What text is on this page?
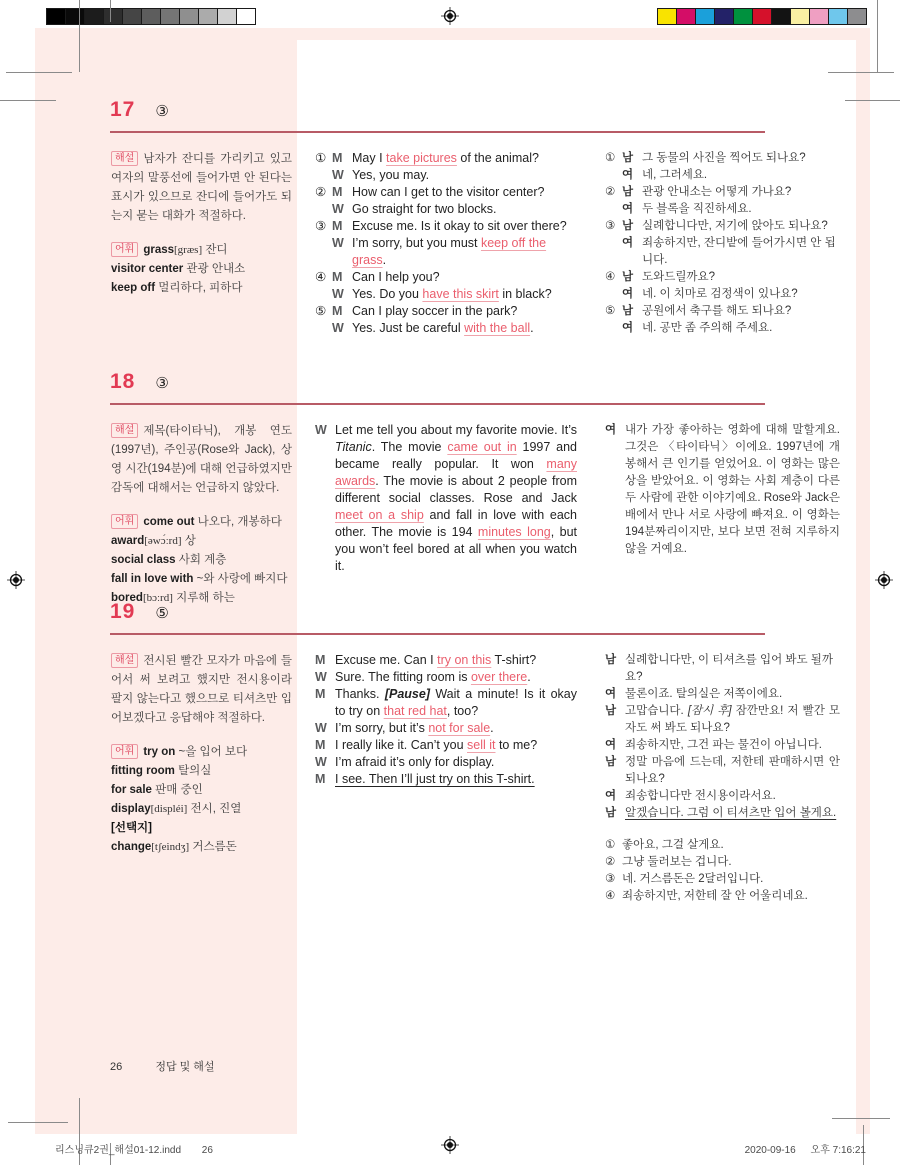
17 ③

해설 남자가 잔디를 가리키고 있고 여자의 말풍선에 들어가면 안 된다는 표시가 있으므로 잔디에 들어가도 되는지 묻는 대화가 적절하다.

어휘 grass[græs] 잔디
visitor center 관광 안내소
keep off 멀리하다, 피하다
① M May I take pictures of the animal?
W Yes, you may.
② M How can I get to the visitor center?
W Go straight for two blocks.
③ M Excuse me. Is it okay to sit over there?
W I’m sorry, but you must keep off the grass.
④ M Can I help you?
W Yes. Do you have this skirt in black?
⑤ M Can I play soccer in the park?
W Yes. Just be careful with the ball.
① 남 그 동물의 사진을 찍어도 되나요?
여 네, 그러세요.
② 남 관광 안내소는 어떻게 가나요?
여 두 블록을 직진하세요.
③ 남 실례합니다만, 저기에 앉아도 되나요?
여 죄송하지만, 잔디밭에 들어가시면 안 됩니다.
④ 남 도와드릴까요?
여 네. 이 치마로 검정색이 있나요?
⑤ 남 공원에서 축구를 해도 되나요?
여 네. 공만 좀 주의해 주세요.
18 ③

해설 제목(타이타닉), 개봉 연도(1997년), 주인공(Rose와 Jack), 상영 시간(194분)에 대해 언급하였지만 감독에 대해서는 언급하지 않았다.

어휘 come out 나오다, 개봉하다
award[əwɔ́ːrd] 상
social class 사회 계층
fall in love with ~와 사랑에 빠지다
bored[bɔːrd] 지루해 하는
W Let me tell you about my favorite movie. It’s Titanic. The movie came out in 1997 and became really popular. It won many awards. The movie is about 2 people from different social classes. Rose and Jack meet on a ship and fall in love with each other. The movie is 194 minutes long, but you won’t feel bored at all when you watch it.
여 내가 가장 좋아하는 영화에 대해 말할게요. 그것은 〈타이타닉〉이에요. 1997년에 개봉해서 큰 인기를 얻었어요. 이 영화는 많은 상을 받았어요. 이 영화는 사회 계층이 다른 두 사람에 관한 이야기예요. Rose와 Jack은 배에서 만나 서로 사랑에 빠져요. 이 영화는 194분짜리이지만, 보다 보면 전혀 지루하지 않을 거예요.
19 ⑤

해설 전시된 빨간 모자가 마음에 들어서 써 보려고 했지만 전시용이라 팔지 않는다고 했으므로 티셔츠만 입어보겠다고 응답해야 적절하다.

어휘 try on ~을 입어 보다
fitting room 탈의실
for sale 판매 중인
display[displéi] 전시, 진열
[선택지]
change[tʃeindʒ] 거스름돈
M Excuse me. Can I try on this T-shirt?
W Sure. The fitting room is over there.
M Thanks. [Pause] Wait a minute! Is it okay to try on that red hat, too?
W I’m sorry, but it’s not for sale.
M I really like it. Can’t you sell it to me?
W I’m afraid it’s only for display.
M I see. Then I’ll just try on this T-shirt.
남 실례합니다만, 이 티셔츠를 입어 봐도 될까요?
여 물론이죠. 탈의실은 저쪽이에요.
남 고맙습니다. [잠시 후] 잠깐만요! 저 빨간 모자도 써 봐도 되나요?
여 죄송하지만, 그건 파는 물건이 아닙니다.
남 정말 마음에 드는데, 저한테 판매하시면 안 되나요?
여 죄송합니다만 전시용이라서요.
남 알겠습니다. 그럼 이 티셔츠만 입어 볼게요.
① 좋아요, 그걸 살게요.
② 그냥 둘러보는 겁니다.
③ 네. 거스름돈은 2달러입니다.
④ 죄송하지만, 저한테 잘 안 어울리네요.
26	정답 및 해설
리스닝큐2권_해설01-12.indd 26	2020-09-16 오후 7:16:21
